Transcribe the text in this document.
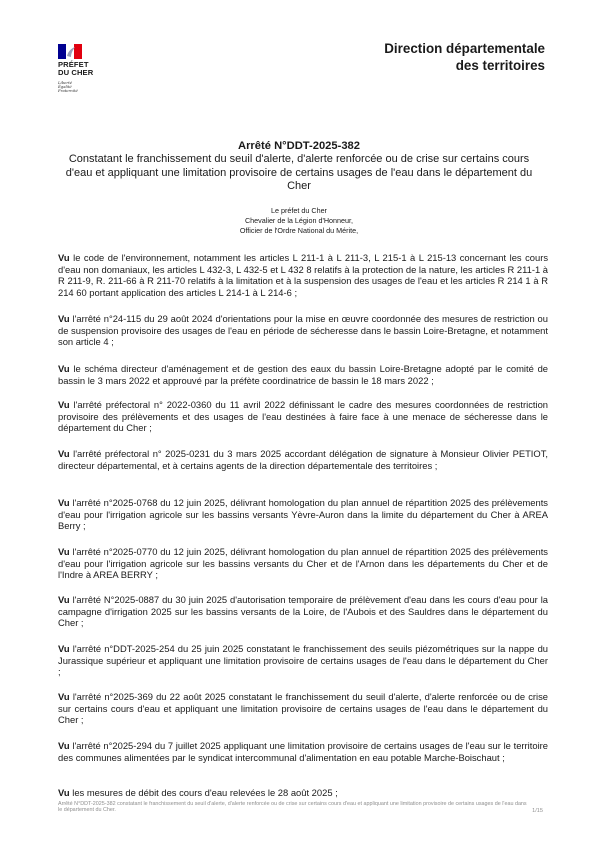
PRÉFET
DU CHER
Liberté
Égalité
Fraternité
Direction départementale
des territoires
Arrêté N°DDT-2025-382
Constatant le franchissement du seuil d'alerte, d'alerte renforcée ou de crise sur certains cours d'eau et appliquant une limitation provisoire de certains usages de l'eau dans le département du Cher
Le préfet du Cher
Chevalier de la Légion d'Honneur,
Officier de l'Ordre National du Mérite,

Vu le code de l'environnement, notamment les articles L 211-1 à L 211-3, L 215-1 à L 215-13 concernant les cours d'eau non domaniaux, les articles L 432-3, L 432-5 et L 432 8 relatifs à la protection de la nature, les articles R 211-1 à R 211-9, R. 211-66 à R 211-70 relatifs à la limitation et à la suspension des usages de l'eau et les articles R 214 1 à R 214 60 portant application des articles L 214-1 à L 214-6 ;

Vu l'arrêté n°24-115 du 29 août 2024 d'orientations pour la mise en œuvre coordonnée des mesures de restriction ou de suspension provisoire des usages de l'eau en période de sécheresse dans le bassin Loire-Bretagne, et notamment son article 4 ;

Vu le schéma directeur d'aménagement et de gestion des eaux du bassin Loire-Bretagne adopté par le comité de bassin le 3 mars 2022 et approuvé par la préfète coordinatrice de bassin le 18 mars 2022 ;

Vu l'arrêté préfectoral n° 2022-0360 du 11 avril 2022 définissant le cadre des mesures coordonnées de restriction provisoire des prélèvements et des usages de l'eau destinées à faire face à une menace de sécheresse dans le département du Cher ;

Vu l'arrêté préfectoral n° 2025-0231 du 3 mars 2025 accordant délégation de signature à Monsieur Olivier PETIOT, directeur départemental, et à certains agents de la direction départementale des territoires ;

Vu l'arrêté n°2025-0768 du 12 juin 2025, délivrant homologation du plan annuel de répartition 2025 des prélèvements d'eau pour l'irrigation agricole sur les bassins versants Yèvre-Auron dans la limite du département du Cher à AREA Berry ;

Vu l'arrêté n°2025-0770 du 12 juin 2025, délivrant homologation du plan annuel de répartition 2025 des prélèvements d'eau pour l'irrigation agricole sur les bassins versants du Cher et de l'Arnon dans les départements du Cher et de l'Indre à AREA BERRY ;

Vu l'arrêté N°2025-0887 du 30 juin 2025 d'autorisation temporaire de prélèvement d'eau dans les cours d'eau pour la campagne d'irrigation 2025 sur les bassins versants de la Loire, de l'Aubois et des Sauldres dans le département du Cher ;

Vu l'arrêté n°DDT-2025-254 du 25 juin 2025 constatant le franchissement des seuils piézométriques sur la nappe du Jurassique supérieur et appliquant une limitation provisoire de certains usages de l'eau dans le département du Cher ;

Vu l'arrêté n°2025-369 du 22 août 2025 constatant le franchissement du seuil d'alerte, d'alerte renforcée ou de crise sur certains cours d'eau et appliquant une limitation provisoire de certains usages de l'eau dans le département du Cher ;

Vu l'arrêté n°2025-294 du 7 juillet 2025 appliquant une limitation provisoire de certains usages de l'eau sur le territoire des communes alimentées par le syndicat intercommunal d'alimentation en eau potable Marche-Boischaut ;

Vu les mesures de débit des cours d'eau relevées le 28 août 2025 ;

Arrêté N°DDT-2025-382 constatant le franchissement du seuil d'alerte, d'alerte renforcée ou de crise sur certains cours d'eau et appliquant une limitation provisoire de certains usages de l'eau dans le département du Cher.	1/15
